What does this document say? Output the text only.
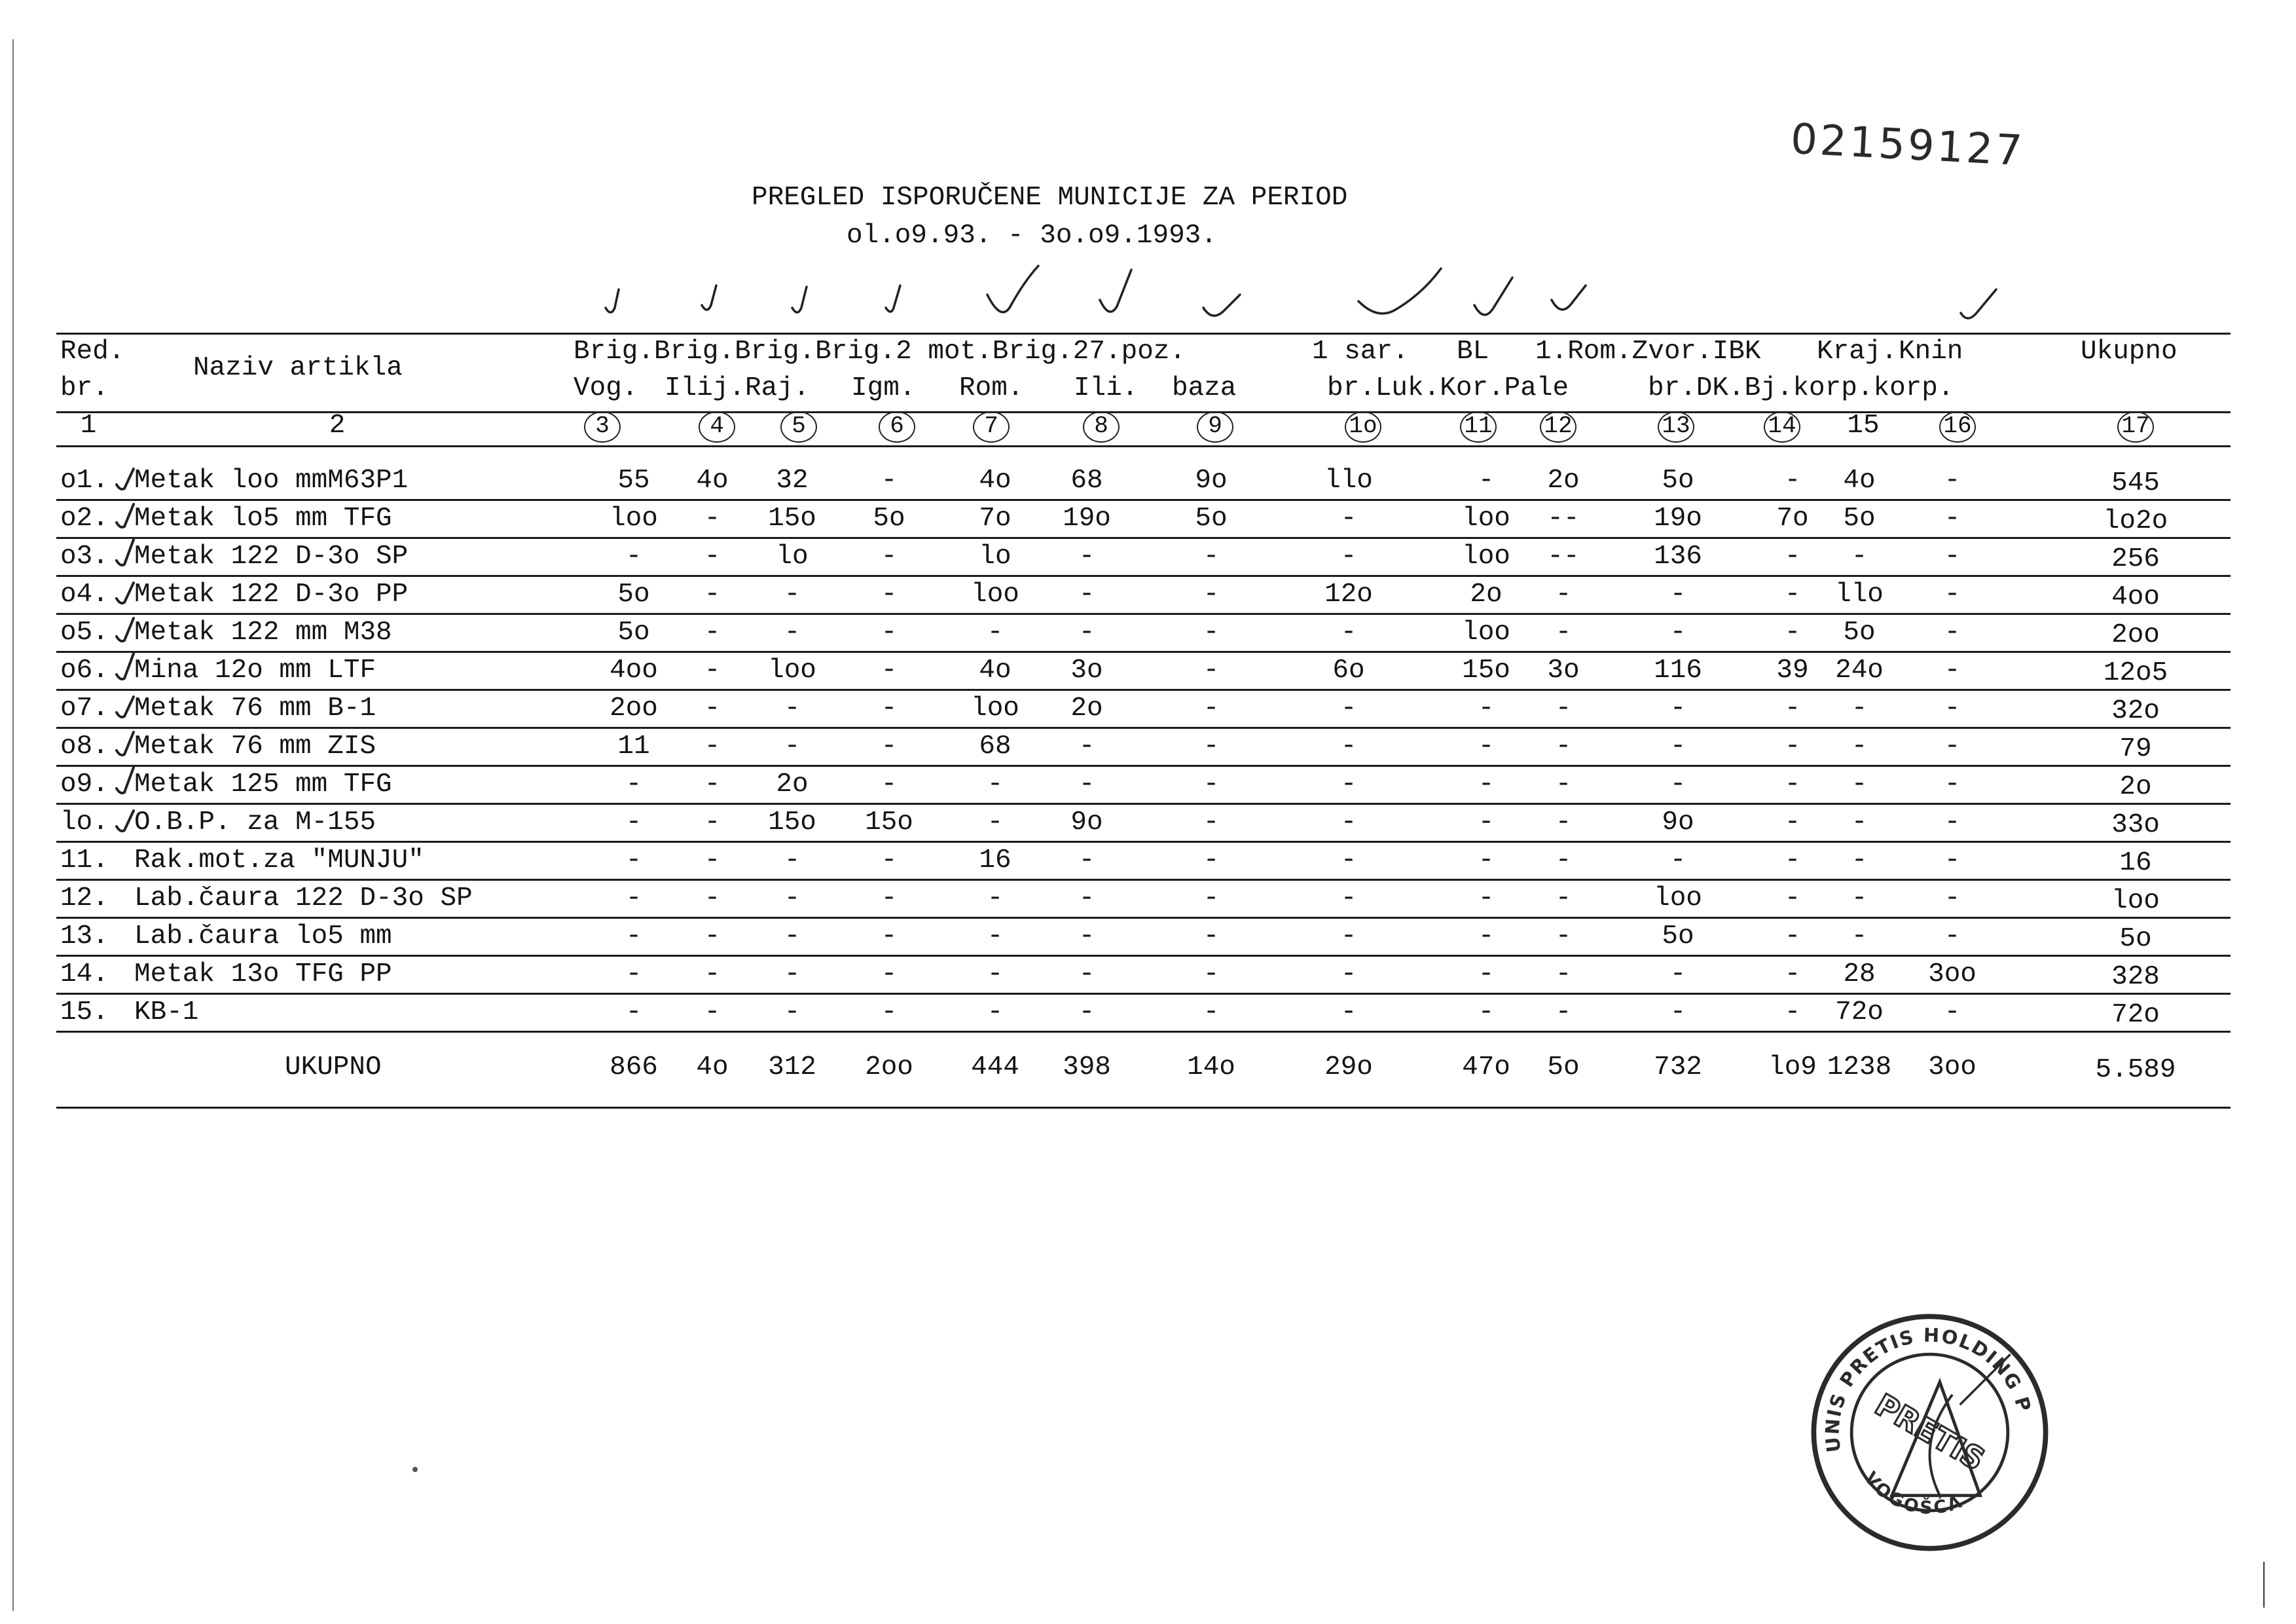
02159127
PREGLED ISPORUČENE MUNICIJE ZA PERIOD
ol.o9.93. - 3o.o9.1993.
Red.
br.
Naziv artikla
Brig.Brig.Brig.Brig.2 mot.Brig.27.poz.	1 sar. BL 1.Rom.Zvor.IBK Kraj. Knin	Ukupno
Vog. Ilij.Raj. Igm. Rom. Ili. baza	br.Luk.Kor.Pale	br.DK.Bj.korp.korp.
1	2	3	4	5	6	7	8	9	1o	11 12	13	14 15	16	17
o1. Metak loo mmM63P1	55 4o 32	-	4o 68	9o	llo	- 2o	5o	- 4o	-	545
o2. Metak lo5 mm TFG	loo - 15o 5o	7o 19o	5o	-	loo --	19o	7o 5o	-	lo2o
o3. Metak 122 D-3o SP	- - lo	-	lo	-	-	-	loo --	136	- -	-	256
o4. Metak 122 D-3o PP	5o - -	-	loo -	-	12o	2o -	-	- llo -	4oo
o5. Metak 122 mm M38	5o - -	-	-	-	-	-	loo -	-	- 5o	-	2oo
o6. Mina 12o mm LTF	4oo - loo -	4o 3o	-	6o	15o 3o	116	39 24o -	12o5
o7. Metak 76 mm B-1	2oo - -	-	loo 2o	-	-	- -	-	- -	-	32o
o8. Metak 76 mm ZIS	11 - -	-	68	-	-	-	- -	-	- -	-	79
o9. Metak 125 mm TFG	- - 2o	-	-	-	-	-	- -	-	- -	-	2o
lo. O.B.P. za M-155	- - 15o 15o	-	9o	-	-	- -	9o	- -	-	33o
11. Rak.mot.za "MUNJU"	- - -	-	16	-	-	-	- -	-	- -	-	16
12. Lab.čaura 122 D-3o SP	- - -	-	-	-	-	-	- -	loo	- -	-	loo
13. Lab.čaura lo5 mm	- - -	-	-	-	-	-	- -	5o	- -	-	5o
14. Metak 13o TFG PP	- - -	-	-	-	-	-	- -	-	- 28 3oo	328
15. KB-1	- - -	-	-	-	-	-	- -	-	- 72o -	72o
UKUPNO	866 4o 312 2oo 444 398	14o	29o	47o 5o	732 lo9 1238 3oo	5.589
UNIS PRETIS HOLDING PREDUZEĆE
VOGOŠĆA
PRETIS
